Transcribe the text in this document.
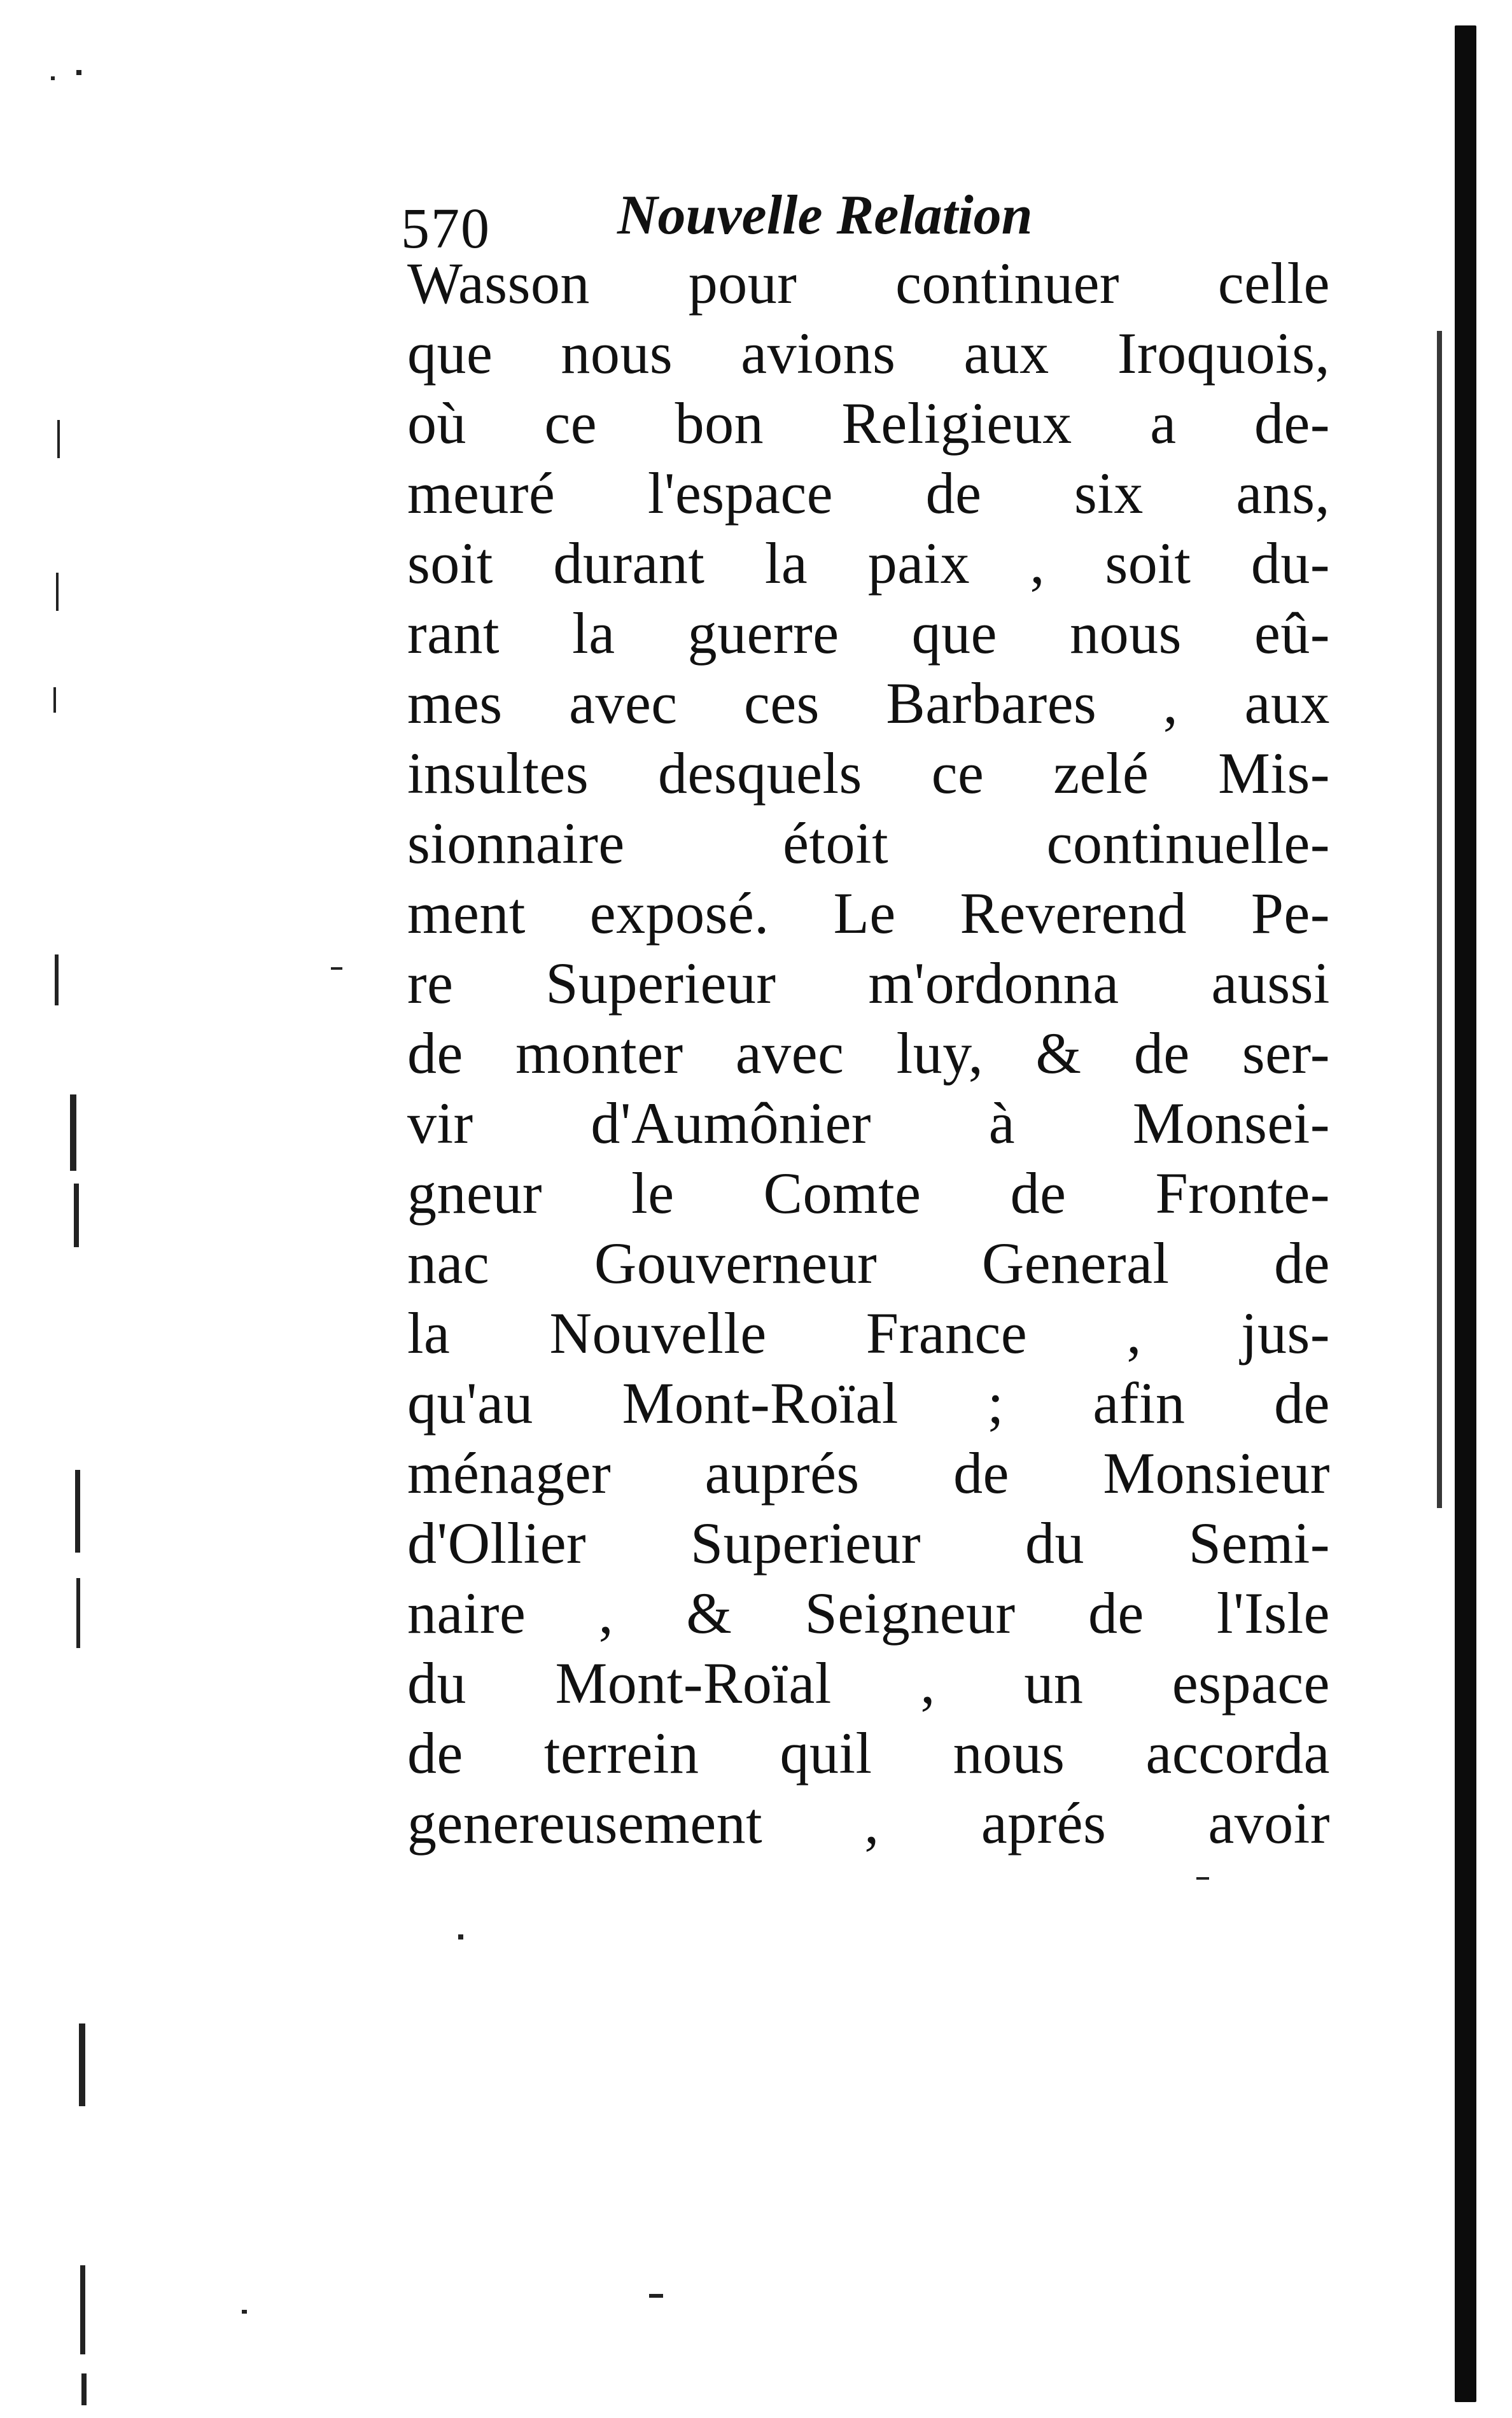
570 Nouvelle Relation
Wasson pour continuer celle
que nous avions aux Iroquois,
où ce bon Religieux a de-
meuré l'espace de six ans,
soit durant la paix , soit du-
rant la guerre que nous eû-
mes avec ces Barbares , aux
insultes desquels ce zelé Mis-
sionnaire étoit continuelle-
ment exposé. Le Reverend Pe-
re Superieur m'ordonna aussi
de monter avec luy, & de ser-
vir d'Aumônier à Monsei-
gneur le Comte de Fronte-
nac Gouverneur General de
la Nouvelle France , jus-
qu'au Mont-Roïal ; afin de
ménager auprés de Monsieur
d'Ollier Superieur du Semi-
naire , & Seigneur de l'Isle
du Mont-Roïal , un espace
de terrein quil nous accorda
genereusement , aprés avoir
